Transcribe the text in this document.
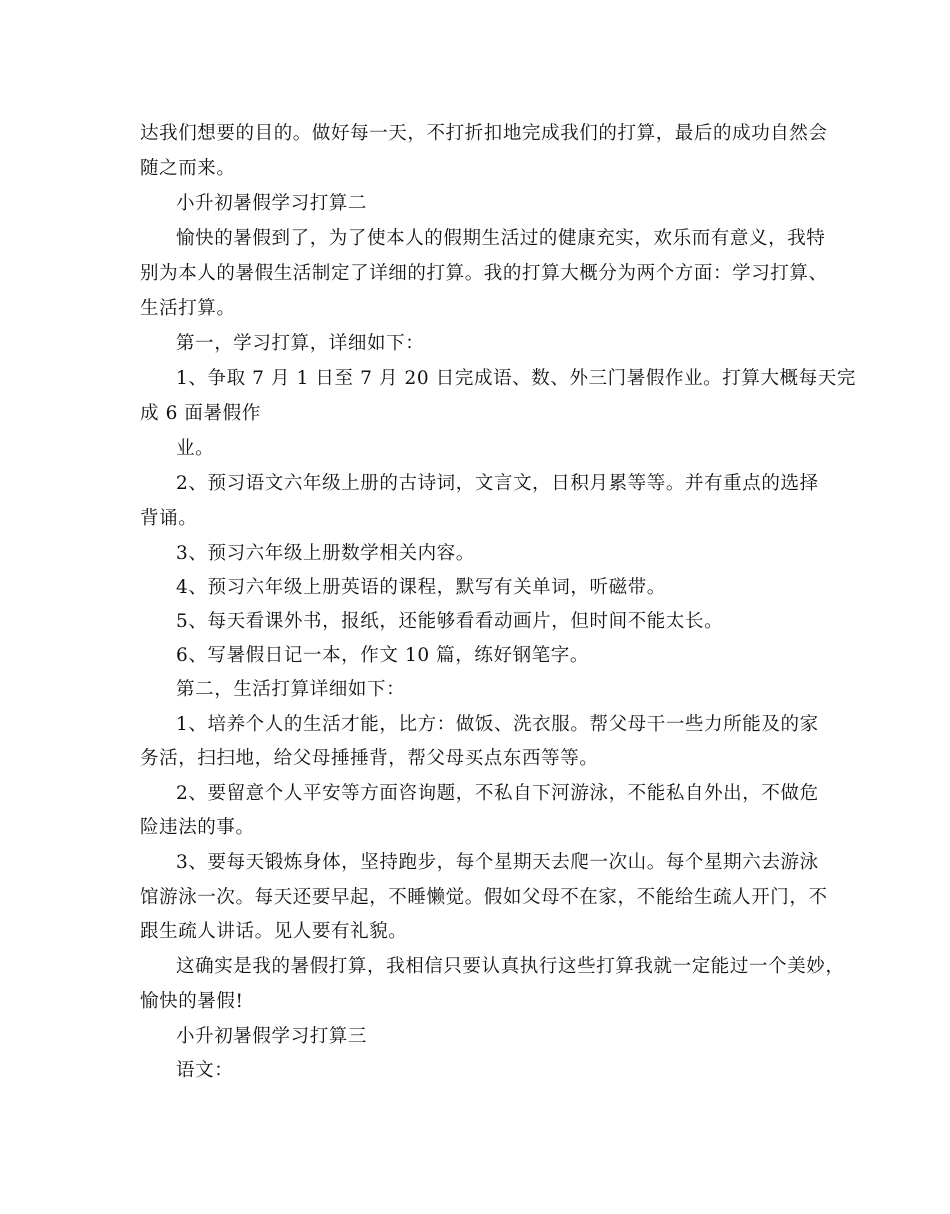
达我们想要的目的。做好每一天，不打折扣地完成我们的打算，最后的成功自然会
随之而来。
小升初暑假学习打算二
愉快的暑假到了，为了使本人的假期生活过的健康充实，欢乐而有意义，我特
别为本人的暑假生活制定了详细的打算。我的打算大概分为两个方面：学习打算、
生活打算。
第一，学习打算，详细如下：
1、争取 7 月 1 日至 7 月 20 日完成语、数、外三门暑假作业。打算大概每天完
成 6 面暑假作
业。
2、预习语文六年级上册的古诗词，文言文，日积月累等等。并有重点的选择
背诵。
3、预习六年级上册数学相关内容。
4、预习六年级上册英语的课程，默写有关单词，听磁带。
5、每天看课外书，报纸，还能够看看动画片，但时间不能太长。
6、写暑假日记一本，作文 10 篇，练好钢笔字。
第二，生活打算详细如下：
1、培养个人的生活才能，比方：做饭、洗衣服。帮父母干一些力所能及的家
务活，扫扫地，给父母捶捶背，帮父母买点东西等等。
2、要留意个人平安等方面咨询题，不私自下河游泳，不能私自外出，不做危
险违法的事。
3、要每天锻炼身体，坚持跑步，每个星期天去爬一次山。每个星期六去游泳
馆游泳一次。每天还要早起，不睡懒觉。假如父母不在家，不能给生疏人开门，不
跟生疏人讲话。见人要有礼貌。
这确实是我的暑假打算，我相信只要认真执行这些打算我就一定能过一个美妙，
愉快的暑假!
小升初暑假学习打算三
语文：
